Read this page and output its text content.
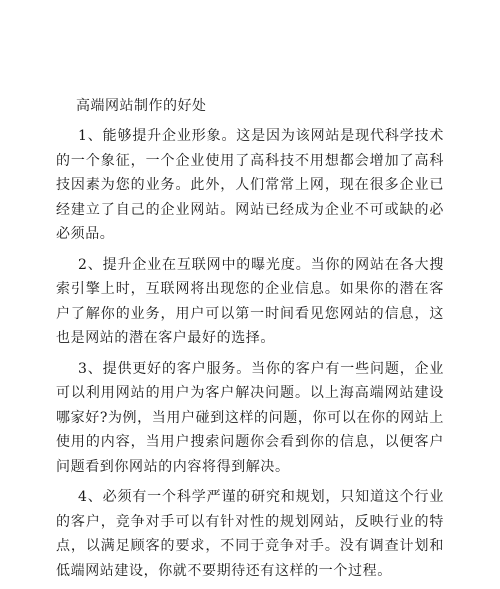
高端网站制作的好处

1、能够提升企业形象。这是因为该网站是现代科学技术的一个象征，一个企业使用了高科技不用想都会增加了高科技因素为您的业务。此外，人们常常上网，现在很多企业已经建立了自己的企业网站。网站已经成为企业不可或缺的必必须品。

2、提升企业在互联网中的曝光度。当你的网站在各大搜索引擎上时，互联网将出现您的企业信息。如果你的潜在客户了解你的业务，用户可以第一时间看见您网站的信息，这也是网站的潜在客户最好的选择。

3、提供更好的客户服务。当你的客户有一些问题，企业可以利用网站的用户为客户解决问题。以上海高端网站建设哪家好?为例，当用户碰到这样的问题，你可以在你的网站上使用的内容，当用户搜索问题你会看到你的信息，以便客户问题看到你网站的内容将得到解决。

4、必须有一个科学严谨的研究和规划，只知道这个行业的客户，竞争对手可以有针对性的规划网站，反映行业的特点，以满足顾客的要求，不同于竞争对手。没有调查计划和低端网站建设，你就不要期待还有这样的一个过程。
